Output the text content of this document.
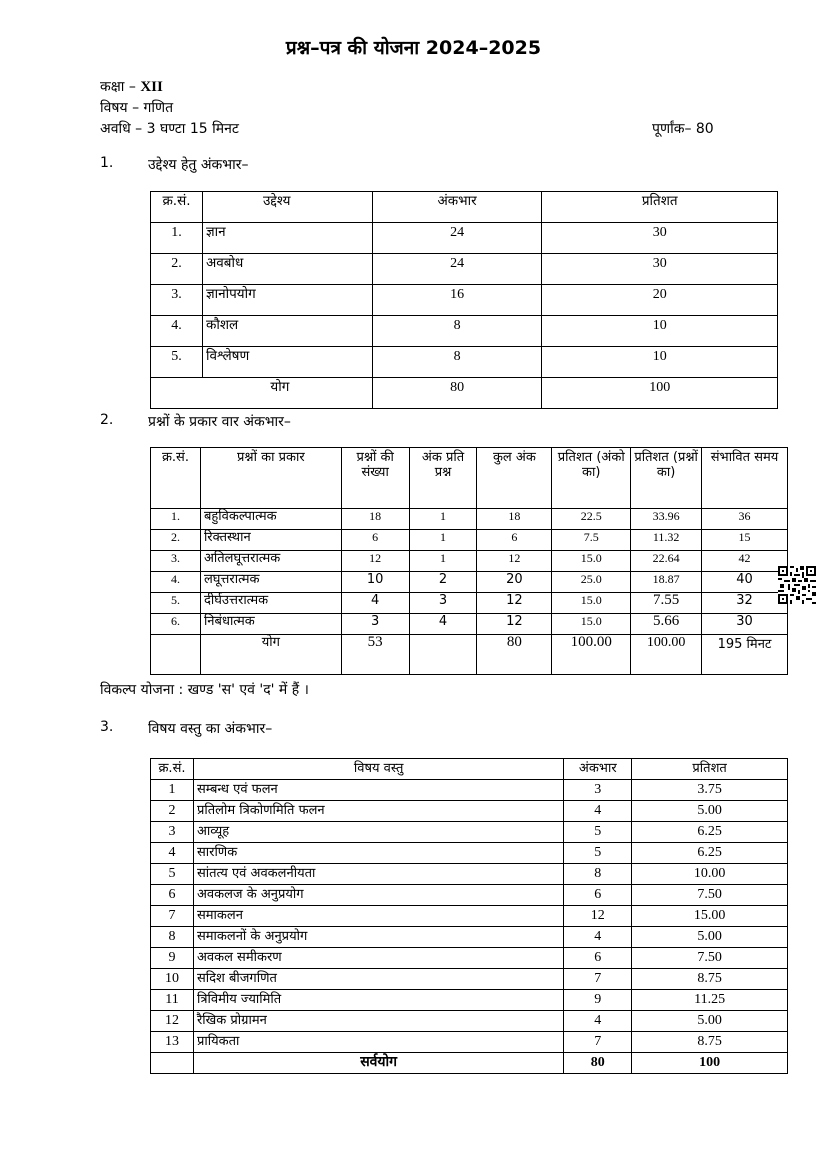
प्रश्न–पत्र की योजना 2024–2025
कक्षा – XII
विषय – गणित
अवधि – 3 घण्टा 15 मिनट	पूर्णांक– 80
1. उद्देश्य हेतु अंकभार–
क्र.सं.	उद्देश्य	अंकभार	प्रतिशत
1.	ज्ञान	24	30
2.	अवबोध	24	30
3.	ज्ञानोपयोग	16	20
4.	कौशल	8	10
5.	विश्लेषण	8	10
योग		80	100
2. प्रश्नों के प्रकार वार अंकभार–
क्र.सं.	प्रश्नों का प्रकार	प्रश्नों की संख्या	अंक प्रति प्रश्न	कुल अंक	प्रतिशत (अंको का)	प्रतिशत (प्रश्नों का)	संभावित समय
1.	बहुविकल्पात्मक	18	1	18	22.5	33.96	36
2.	रिक्तस्थान	6	1	6	7.5	11.32	15
3.	अतिलघूत्तरात्मक	12	1	12	15.0	22.64	42
4.	लघूत्तरात्मक	10	2	20	25.0	18.87	40
5.	दीर्घउत्तरात्मक	4	3	12	15.0	7.55	32
6.	निबंधात्मक	3	4	12	15.0	5.66	30
	योग	53		80	100.00	100.00	195 मिनट
विकल्प योजना : खण्ड 'स' एवं 'द' में हैं ।
3. विषय वस्तु का अंकभार–
क्र.सं.	विषय वस्तु	अंकभार	प्रतिशत
1	सम्बन्ध एवं फलन	3	3.75
2	प्रतिलोम त्रिकोणमिति फलन	4	5.00
3	आव्यूह	5	6.25
4	सारणिक	5	6.25
5	सांतत्य एवं अवकलनीयता	8	10.00
6	अवकलज के अनुप्रयोग	6	7.50
7	समाकलन	12	15.00
8	समाकलनों के अनुप्रयोग	4	5.00
9	अवकल समीकरण	6	7.50
10	सदिश बीजगणित	7	8.75
11	त्रिविमीय ज्यामिति	9	11.25
12	रैखिक प्रोग्रामन	4	5.00
13	प्रायिकता	7	8.75
	सर्वयोग	80	100
